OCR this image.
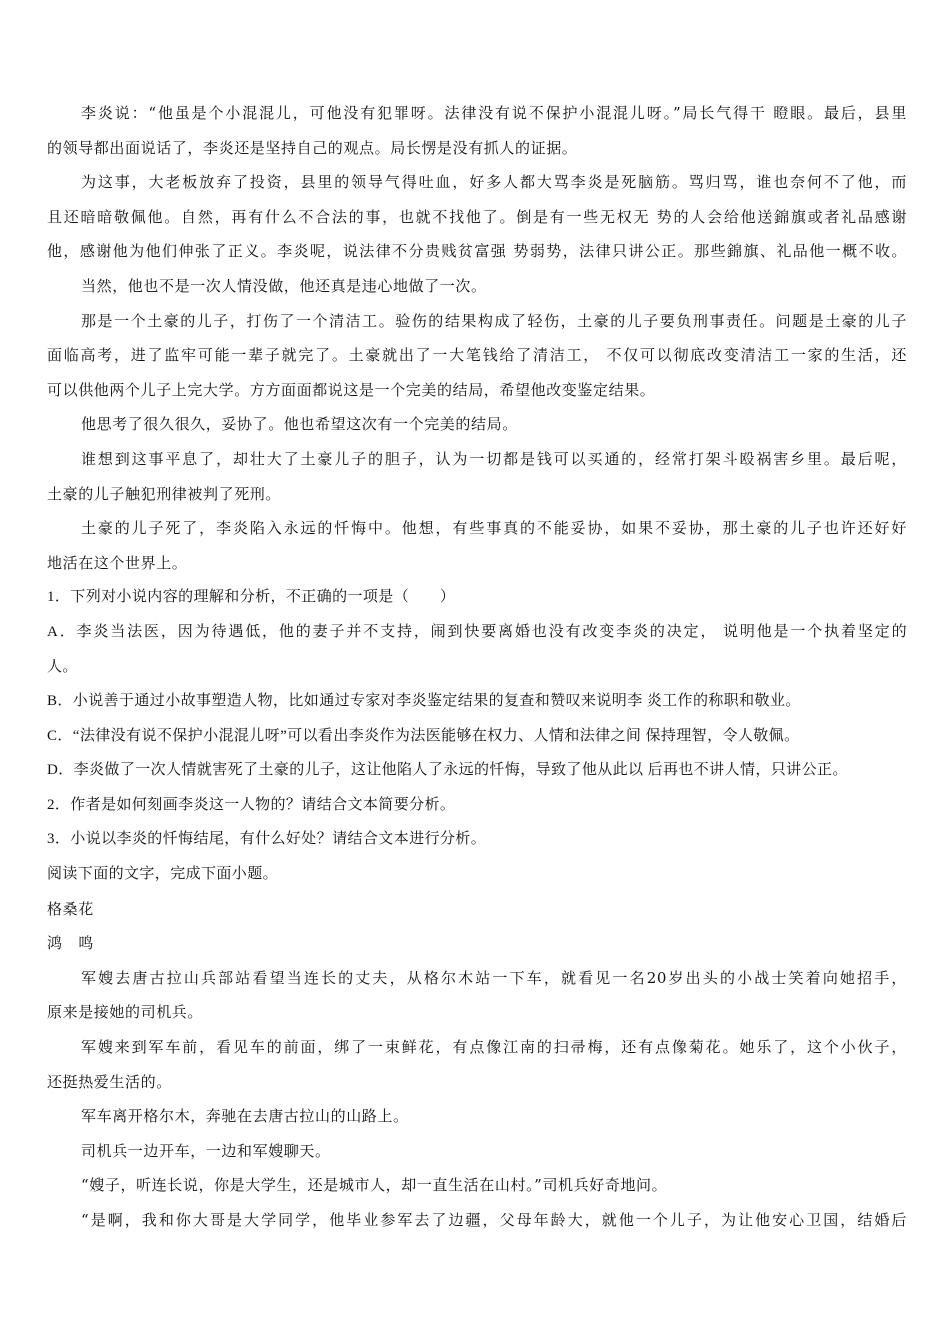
李炎说：“他虽是个小混混儿，可他没有犯罪呀。法律没有说不保护小混混儿呀。”局长气得干 瞪眼。最后，县里
的领导都出面说话了，李炎还是坚持自己的观点。局长愣是没有抓人的证据。
为这事，大老板放弃了投资，县里的领导气得吐血，好多人都大骂李炎是死脑筋。骂归骂，谁也奈何不了他，而
且还暗暗敬佩他。自然，再有什么不合法的事，也就不找他了。倒是有一些无权无 势的人会给他送錦旗或者礼品感谢
他，感谢他为他们伸张了正义。李炎呢，说法律不分贵贱贫富强 势弱势，法律只讲公正。那些錦旗、礼品他一概不收。
当然，他也不是一次人情没做，他还真是违心地做了一次。
那是一个土豪的儿子，打伤了一个清洁工。验伤的结果构成了轻伤，土豪的儿子要负刑事责任。问题是土豪的儿子
面临高考，进了监牢可能一辈子就完了。土豪就出了一大笔钱给了清洁工， 不仅可以彻底改变清洁工一家的生活，还
可以供他两个儿子上完大学。方方面面都说这是一个完美的结局，希望他改变鉴定结果。
他思考了很久很久，妥协了。他也希望这次有一个完美的结局。
谁想到这事平息了，却壮大了土豪儿子的胆子，认为一切都是钱可以买通的，经常打架斗殴祸害乡里。最后呢，
土豪的儿子触犯刑律被判了死刑。
土豪的儿子死了，李炎陷入永远的忏悔中。他想，有些事真的不能妥协，如果不妥协，那土豪的儿子也许还好好
地活在这个世界上。
1．下列对小说内容的理解和分析，不正确的一项是（　　）
A．李炎当法医，因为待遇低，他的妻子并不支持，闹到快要离婚也没有改变李炎的决定， 说明他是一个执着坚定的
人。
B．小说善于通过小故事塑造人物，比如通过专家对李炎鉴定结果的复查和赞叹来说明李 炎工作的称职和敬业。
C．“法律没有说不保护小混混儿呀”可以看出李炎作为法医能够在权力、人情和法律之间 保持理智，令人敬佩。
D．李炎做了一次人情就害死了土豪的儿子，这让他陷人了永远的忏悔，导致了他从此以 后再也不讲人情，只讲公正。
2．作者是如何刻画李炎这一人物的？请结合文本简要分析。
3．小说以李炎的忏悔结尾，有什么好处？请结合文本进行分析。
阅读下面的文字，完成下面小题。
格桑花
鸿　鸣
军嫂去唐古拉山兵部站看望当连长的丈夫，从格尔木站一下车，就看见一名20岁出头的小战士笑着向她招手，
原来是接她的司机兵。
军嫂来到军车前，看见车的前面，绑了一束鲜花，有点像江南的扫帚梅，还有点像菊花。她乐了，这个小伙子，
还挺热爱生活的。
军车离开格尔木，奔驰在去唐古拉山的山路上。
司机兵一边开车，一边和军嫂聊天。
“嫂子，听连长说，你是大学生，还是城市人，却一直生活在山村。”司机兵好奇地问。
“是啊，我和你大哥是大学同学，他毕业参军去了边疆，父母年龄大，就他一个儿子，为让他安心卫国，结婚后
